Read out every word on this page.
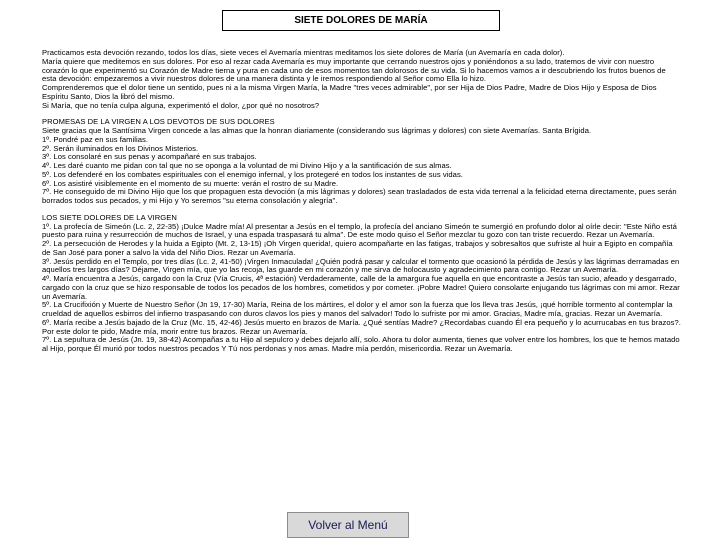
SIETE DOLORES DE MARÍA

Practicamos esta devoción rezando, todos los días, siete veces el Avemaría mientras meditamos los siete dolores de María (un Avemaría en cada dolor).

María quiere que meditemos en sus dolores. Por eso al rezar cada Avemaría es muy importante que cerrando nuestros ojos y poniéndonos a su lado, tratemos de vivir con nuestro corazón lo que experimentó su Corazón de Madre tierna y pura en cada uno de esos momentos tan dolorosos de su vida. Si lo hacemos vamos a ir descubriendo los frutos buenos de esta devoción: empezaremos a vivir nuestros dolores de una manera distinta y le iremos respondiendo al Señor como Ella lo hizo.

Comprenderemos que el dolor tiene un sentido, pues ni a la misma Virgen María, la Madre "tres veces admirable", por ser Hija de Dios Padre, Madre de Dios Hijo y Esposa de Dios Espíritu Santo, Dios la libró del mismo.

Si María, que no tenía culpa alguna, experimentó el dolor, ¿por qué no nosotros?

PROMESAS DE LA VIRGEN A LOS DEVOTOS DE SUS DOLORES

Siete gracias que la Santísima Virgen concede a las almas que la honran diariamente (considerando sus lágrimas y dolores) con siete Avemarías. Santa Brígida.

1º. Pondré paz en sus familias.

2º. Serán iluminados en los Divinos Misterios.

3º. Los consolaré en sus penas y acompañaré en sus trabajos.

4º. Les daré cuanto me pidan con tal que no se oponga a la voluntad de mi Divino Hijo y a la santificación de sus almas.

5º. Los defenderé en los combates espirituales con el enemigo infernal, y los protegeré en todos los instantes de sus vidas.

6º. Los asistiré visiblemente en el momento de su muerte: verán el rostro de su Madre.

7º. He conseguido de mi Divino Hijo que los que propaguen esta devoción (a mis lágrimas y dolores) sean trasladados de esta vida terrenal a la felicidad eterna directamente, pues serán borrados todos sus pecados, y mi Hijo y Yo seremos "su eterna consolación y alegría".

LOS SIETE DOLORES DE LA VIRGEN

1º. La profecía de Simeón (Lc. 2, 22-35) ¡Dulce Madre mía! Al presentar a Jesús en el templo, la profecía del anciano Simeón te sumergió en profundo dolor al oírle decir: "Este Niño está puesto para ruina y resurrección de muchos de Israel, y una espada traspasará tu alma". De este modo quiso el Señor mezclar tu gozo con tan triste recuerdo. Rezar un Avemaría.

2º. La persecución de Herodes y la huida a Egipto (Mt. 2, 13-15) ¡Oh Virgen querida!, quiero acompañarte en las fatigas, trabajos y sobresaltos que sufriste al huir a Egipto en compañía de San José para poner a salvo la vida del Niño Dios. Rezar un Avemaría.

3º. Jesús perdido en el Templo, por tres días (Lc. 2, 41-50) ¡Virgen Inmaculada! ¿Quién podrá pasar y calcular el tormento que ocasionó la pérdida de Jesús y las lágrimas derramadas en aquellos tres largos días? Déjame, Virgen mía, que yo las recoja, las guarde en mi corazón y me sirva de holocausto y agradecimiento para contigo. Rezar un Avemaría.

4º. María encuentra a Jesús, cargado con la Cruz (Vía Crucis, 4ª estación) Verdaderamente, calle de la amargura fue aquella en que encontraste a Jesús tan sucio, afeado y desgarrado, cargado con la cruz que se hizo responsable de todos los pecados de los hombres, cometidos y por cometer. ¡Pobre Madre! Quiero consolarte enjugando tus lágrimas con mi amor. Rezar un Avemaría.

5º. La Crucifixión y Muerte de Nuestro Señor (Jn 19, 17-30) María, Reina de los mártires, el dolor y el amor son la fuerza que los lleva tras Jesús, ¡qué horrible tormento al contemplar la crueldad de aquellos esbirros del infierno traspasando con duros clavos los pies y manos del salvador! Todo lo sufriste por mi amor. Gracias, Madre mía, gracias. Rezar un Avemaría.

6º. María recibe a Jesús bajado de la Cruz (Mc. 15, 42-46) Jesús muerto en brazos de María. ¿Qué sentías Madre? ¿Recordabas cuando Él era pequeño y lo acurrucabas en tus brazos?. Por este dolor te pido, Madre mía, morir entre tus brazos. Rezar un Avemaría.

7º. La sepultura de Jesús (Jn. 19, 38-42) Acompañas a tu Hijo al sepulcro y debes dejarlo allí, solo. Ahora tu dolor aumenta, tienes que volver entre los hombres, los que te hemos matado al Hijo, porque Él murió por todos nuestros pecados Y Tú nos perdonas y nos amas. Madre mía perdón, misericordia. Rezar un Avemaría.

Volver al Menú
